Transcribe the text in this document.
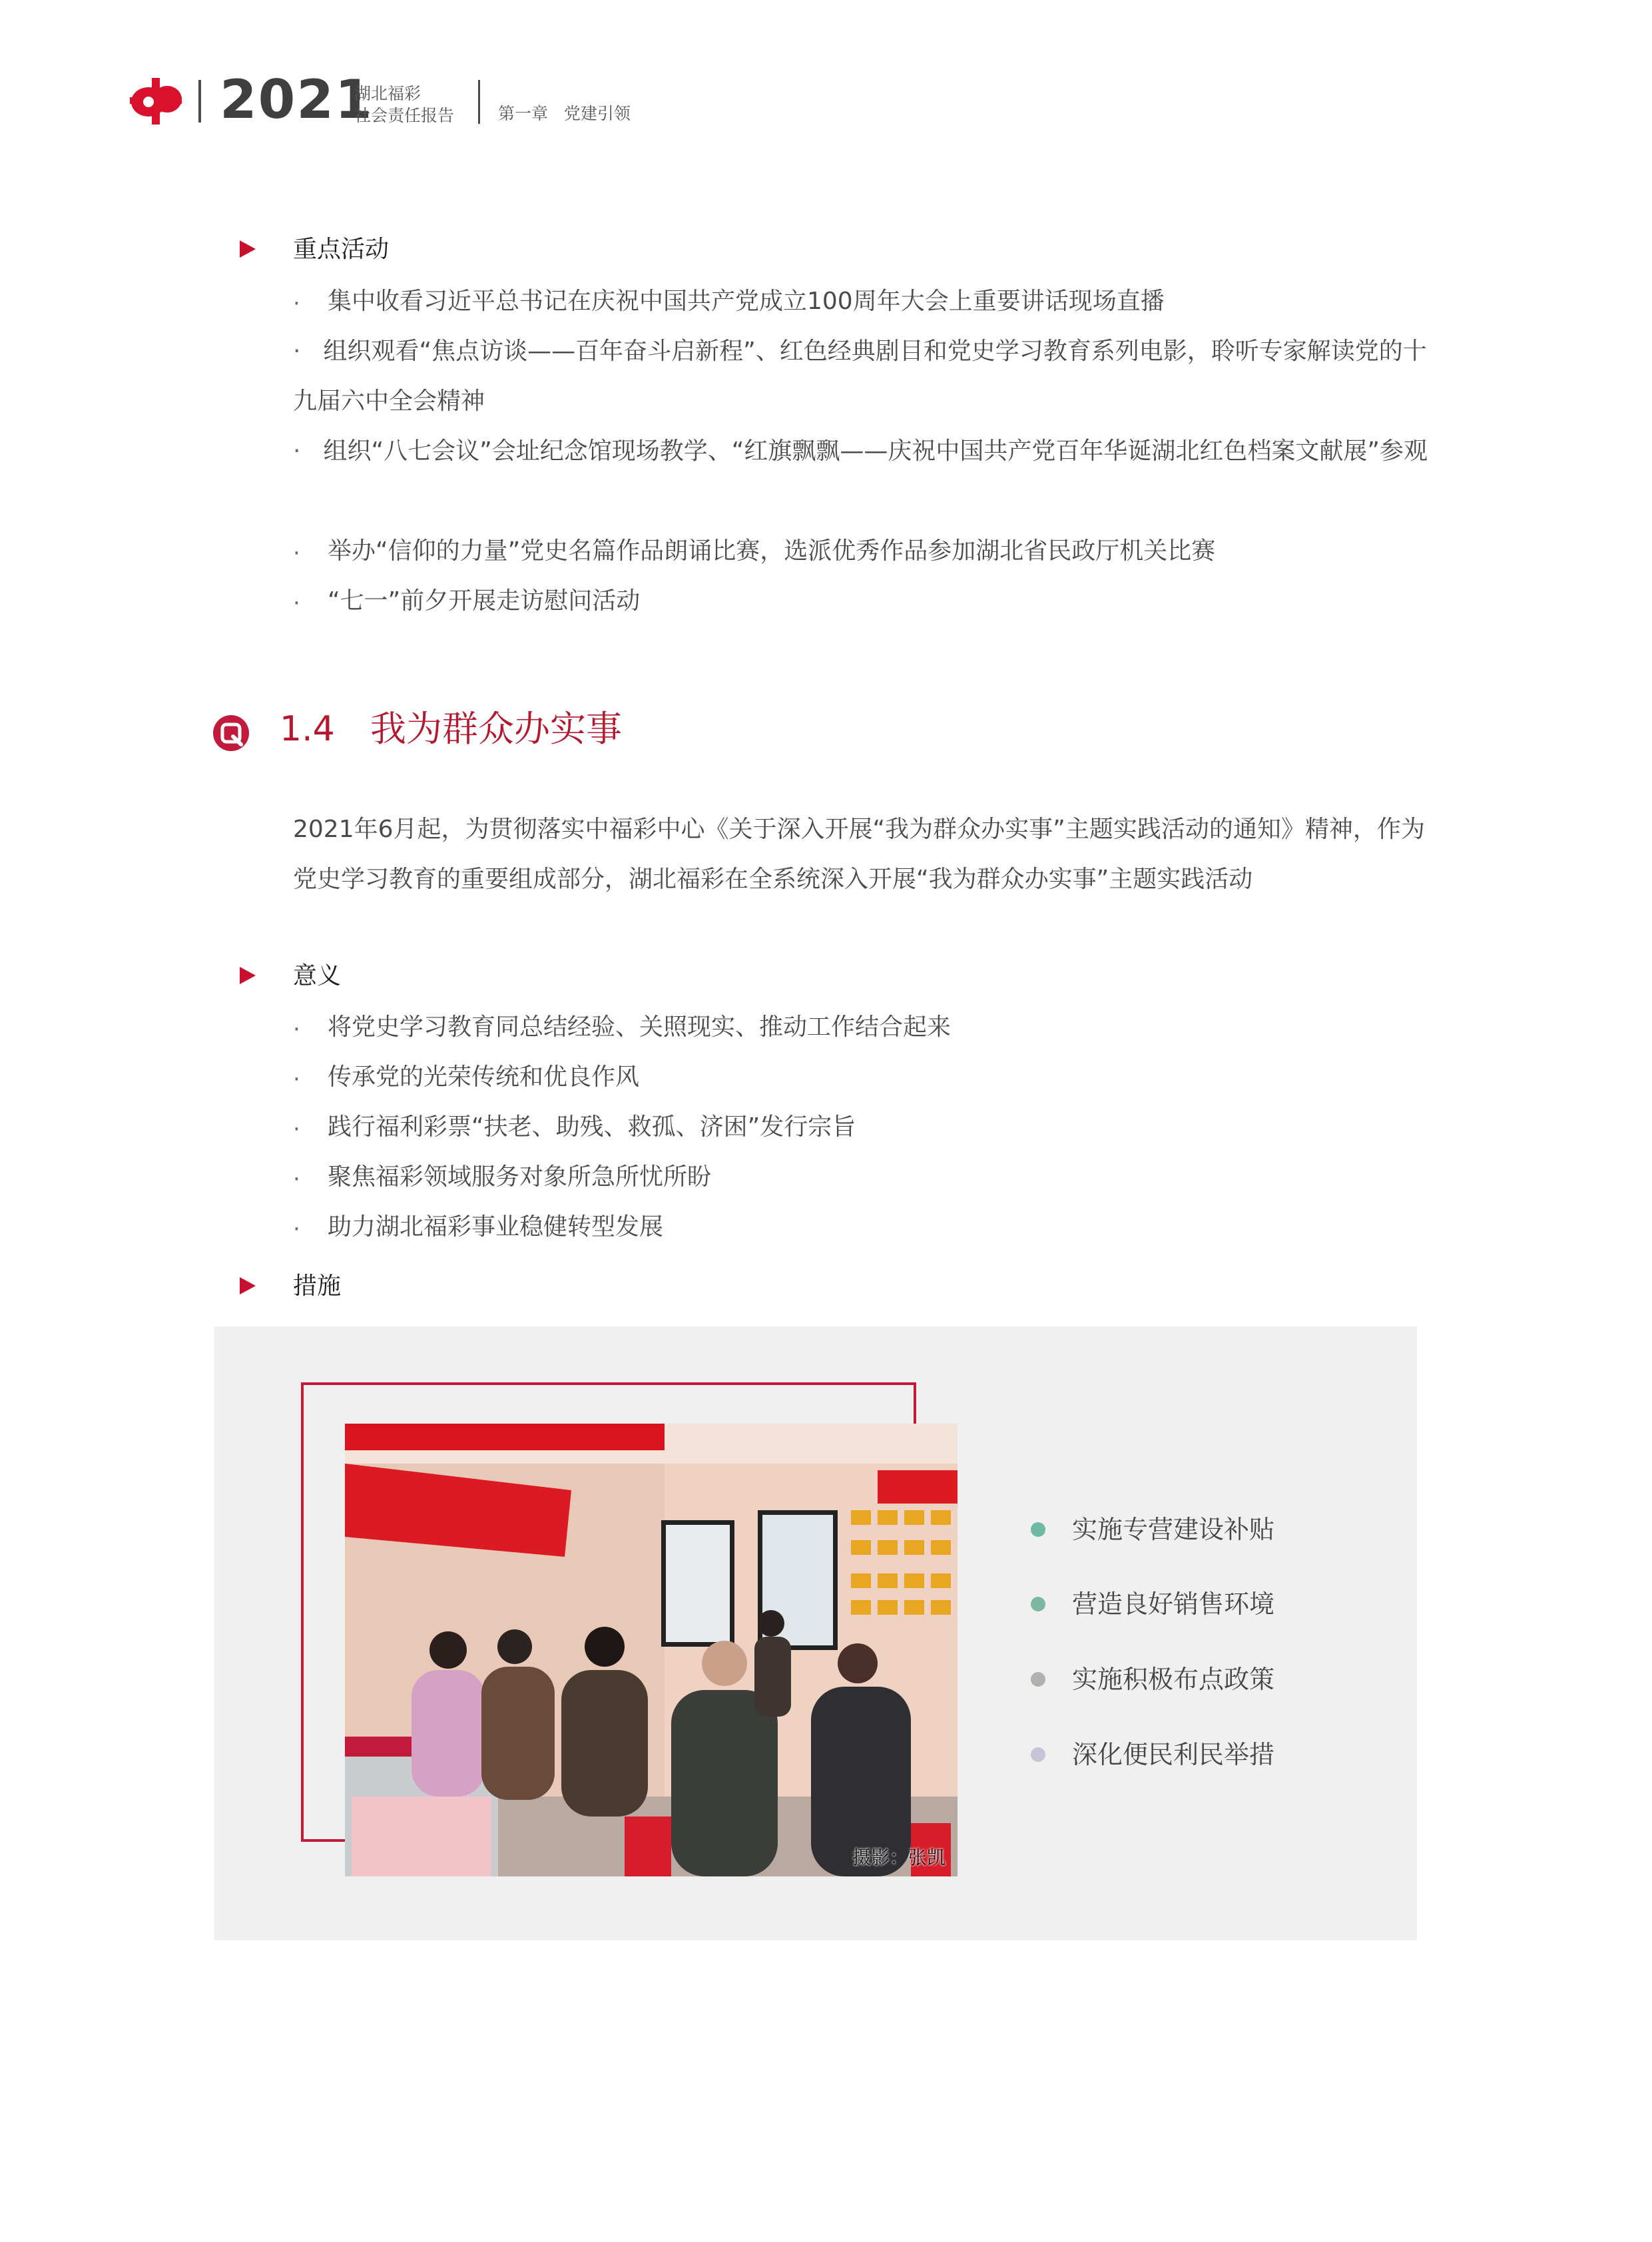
2021
湖北福彩
社会责任报告	第一章 党建引领
重点活动
· 集中收看习近平总书记在庆祝中国共产党成立100周年大会上重要讲话现场直播
· 组织观看“焦点访谈——百年奋斗启新程”、红色经典剧目和党史学习教育系列电影，聆听专家解读党的十九届六中全会精神
· 组织“八七会议”会址纪念馆现场教学、“红旗飘飘——庆祝中国共产党百年华诞湖北红色档案文献展”参观
· 举办“信仰的力量”党史名篇作品朗诵比赛，选派优秀作品参加湖北省民政厅机关比赛
· “七一”前夕开展走访慰问活动
1.4 我为群众办实事
2021年6月起，为贯彻落实中福彩中心《关于深入开展“我为群众办实事”主题实践活动的通知》精神，作为党史学习教育的重要组成部分，湖北福彩在全系统深入开展“我为群众办实事”主题实践活动
意义
· 将党史学习教育同总结经验、关照现实、推动工作结合起来
· 传承党的光荣传统和优良作风
· 践行福利彩票“扶老、助残、救孤、济困”发行宗旨
· 聚焦福彩领域服务对象所急所忧所盼
· 助力湖北福彩事业稳健转型发展
措施
摄影：张凯
实施专营建设补贴
营造良好销售环境
实施积极布点政策
深化便民利民举措
